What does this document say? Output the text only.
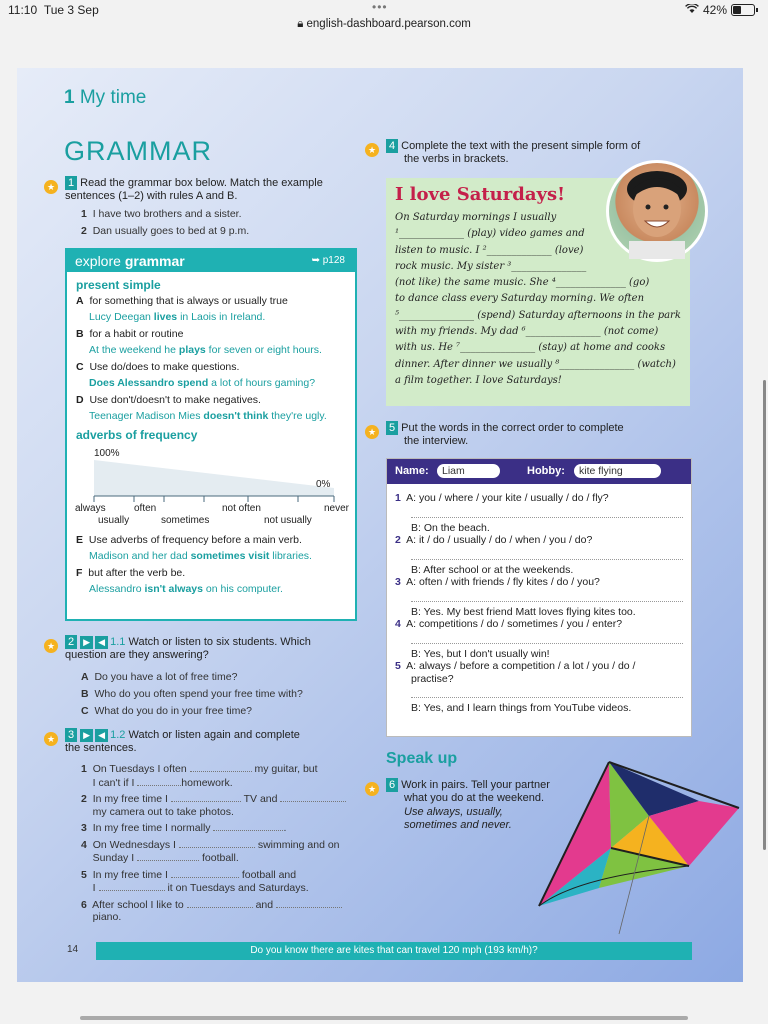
11:10 Tue 3 Sep	•••	42%
🔒︎ english-dashboard.pearson.com
1 My time
GRAMMAR
★ 1 Read the grammar box below. Match the example
sentences (1–2) with rules A and B.
1 I have two brothers and a sister.
2 Dan usually goes to bed at 9 p.m.
explore grammar	➥ p128
present simple
A for something that is always or usually true
Lucy Deegan lives in Laois in Ireland.
B for a habit or routine
At the weekend he plays for seven or eight hours.
C Use do/does to make questions.
Does Alessandro spend a lot of hours gaming?
D Use don't/doesn't to make negatives.
Teenager Madison Mies doesn't think they're ugly.
adverbs of frequency
100%
0%
always	often	not often	never
usually	sometimes	not usually
E Use adverbs of frequency before a main verb.
Madison and her dad sometimes visit libraries.
F but after the verb be.
Alessandro isn't always on his computer.
★ 2 ▶ ◀ 1.1 Watch or listen to six students. Which
question are they answering?
A Do you have a lot of free time?
B Who do you often spend your free time with?
C What do you do in your free time?
★ 3 ▶ ◀ 1.2 Watch or listen again and complete
the sentences.
1 On Tuesdays I often	my guitar, but
I can't if I	homework.
2 In my free time I	TV and
my camera out to take photos.
3 In my free time I normally	.
4 On Wednesdays I	swimming and on
Sunday I	football.
5 In my free time I	football and
I	it on Tuesdays and Saturdays.
6 After school I like to	and
piano.
★ 4 Complete the text with the present simple form of
the verbs in brackets.
I love Saturdays!
On Saturday mornings I usually
¹_____________ (play) video games and
listen to music. I ²_____________ (love)
rock music. My sister ³_______________
(not like) the same music. She ⁴______________ (go)
to dance class every Saturday morning. We often
⁵_______________ (spend) Saturday afternoons in the park
with my friends. My dad ⁶_______________ (not come)
with us. He ⁷_______________ (stay) at home and cooks
dinner. After dinner we usually ⁸_______________ (watch)
a film together. I love Saturdays!
★ 5 Put the words in the correct order to complete
the interview.
Name:	Liam	Hobby:	kite flying
1 A: you / where / your kite / usually / do / fly?
B: On the beach.
2 A: it / do / usually / do / when / you / do?
B: After school or at the weekends.
3 A: often / with friends / fly kites / do / you?
B: Yes. My best friend Matt loves flying kites too.
4 A: competitions / do / sometimes / you / enter?
B: Yes, but I don't usually win!
5 A: always / before a competition / a lot / you / do /
practise?
B: Yes, and I learn things from YouTube videos.
Speak up
★ 6 Work in pairs. Tell your partner
what you do at the weekend.
Use always, usually,
sometimes and never.
14	Do you know there are kites that can travel 120 mph (193 km/h)?
